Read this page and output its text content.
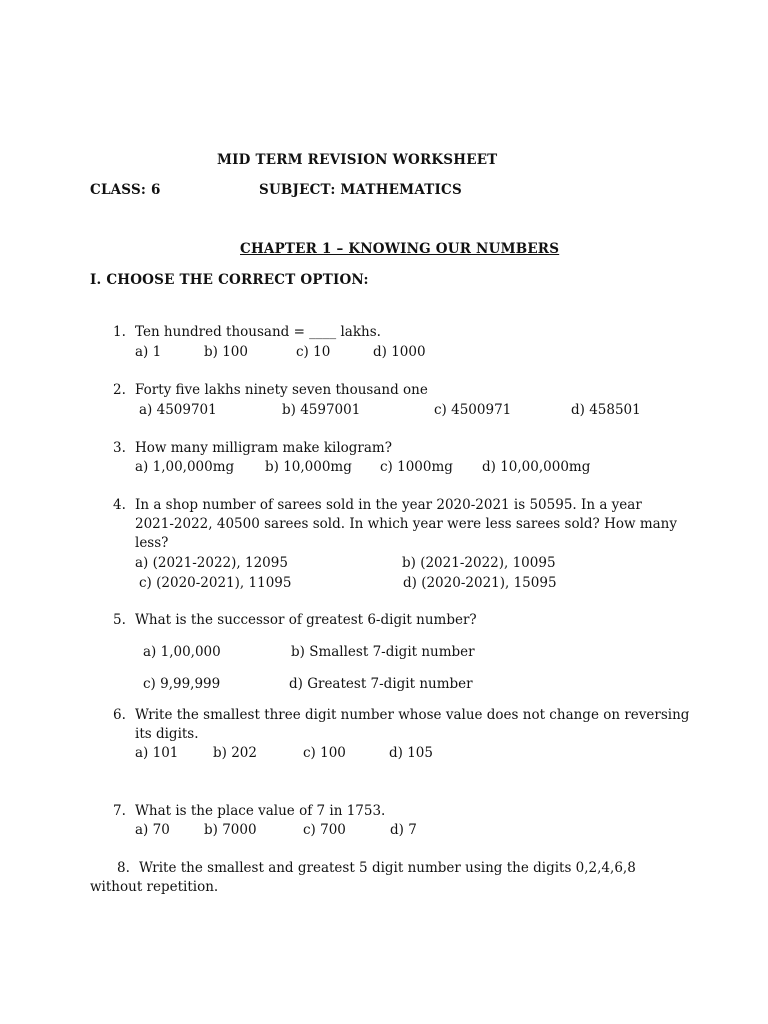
MID TERM REVISION WORKSHEET
CLASS: 6	SUBJECT: MATHEMATICS
CHAPTER 1 – KNOWING OUR NUMBERS
I. CHOOSE THE CORRECT OPTION:
1. Ten hundred thousand = ____ lakhs.
a) 1	b) 100	c) 10	d) 1000
2. Forty five lakhs ninety seven thousand one
a) 4509701	b) 4597001	c) 4500971	d) 458501
3. How many milligram make kilogram?
a) 1,00,000mg b) 10,000mg c) 1000mg d) 10,00,000mg
4. In a shop number of sarees sold in the year 2020-2021 is 50595. In a year
2021-2022, 40500 sarees sold. In which year were less sarees sold? How many
less?
a) (2021-2022), 12095	b) (2021-2022), 10095
c) (2020-2021), 11095	d) (2020-2021), 15095
5. What is the successor of greatest 6-digit number?
a) 1,00,000	b) Smallest 7-digit number
c) 9,99,999	d) Greatest 7-digit number
6. Write the smallest three digit number whose value does not change on reversing
its digits.
a) 101	b) 202	c) 100	d) 105
7. What is the place value of 7 in 1753.
a) 70	b) 7000	c) 700	d) 7
8. Write the smallest and greatest 5 digit number using the digits 0,2,4,6,8
without repetition.
